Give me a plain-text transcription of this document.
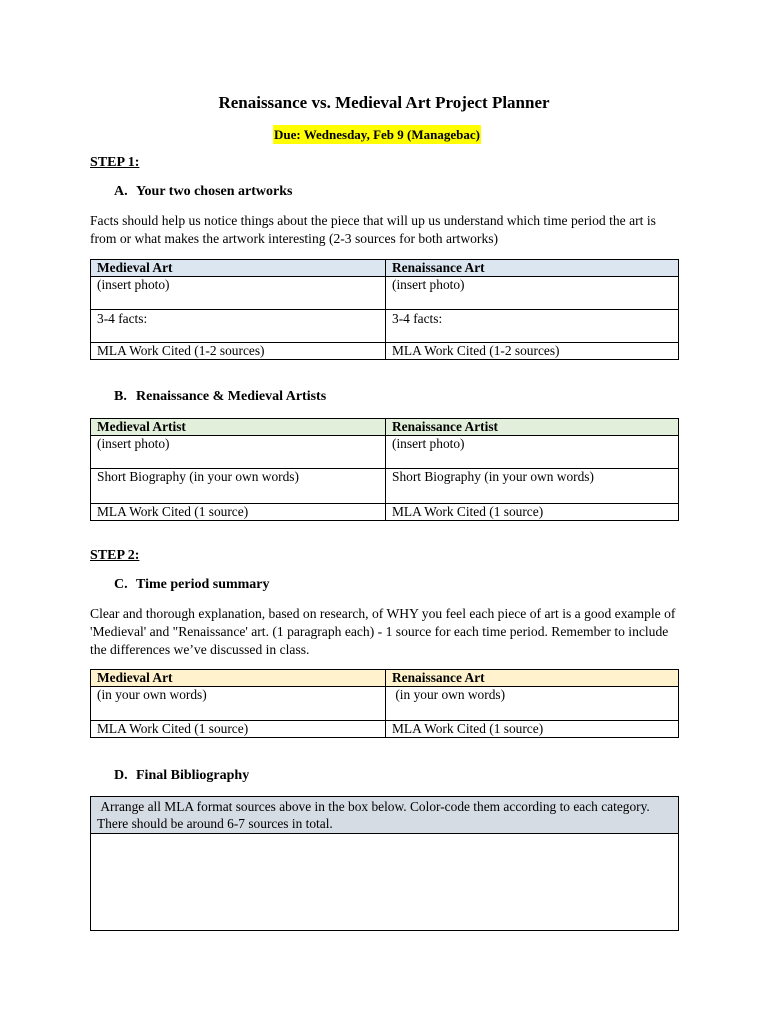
Renaissance vs. Medieval Art Project Planner
Due: Wednesday, Feb 9 (Managebac)
STEP 1:
A. Your two chosen artworks
Facts should help us notice things about the piece that will up us understand which time period the art is from or what makes the artwork interesting (2-3 sources for both artworks)
Medieval Art	Renaissance Art
(insert photo)	(insert photo)
3-4 facts:	3-4 facts:
MLA Work Cited (1-2 sources)	MLA Work Cited (1-2 sources)
B. Renaissance & Medieval Artists
Medieval Artist	Renaissance Artist
(insert photo)	(insert photo)
Short Biography (in your own words)	Short Biography (in your own words)
MLA Work Cited (1 source)	MLA Work Cited (1 source)
STEP 2:
C. Time period summary
Clear and thorough explanation, based on research, of WHY you feel each piece of art is a good example of 'Medieval' and "Renaissance' art. (1 paragraph each) - 1 source for each time period. Remember to include the differences we’ve discussed in class.
Medieval Art	Renaissance Art
(in your own words)	(in your own words)
MLA Work Cited (1 source)	MLA Work Cited (1 source)
D. Final Bibliography
Arrange all MLA format sources above in the box below. Color-code them according to each category. There should be around 6-7 sources in total.
